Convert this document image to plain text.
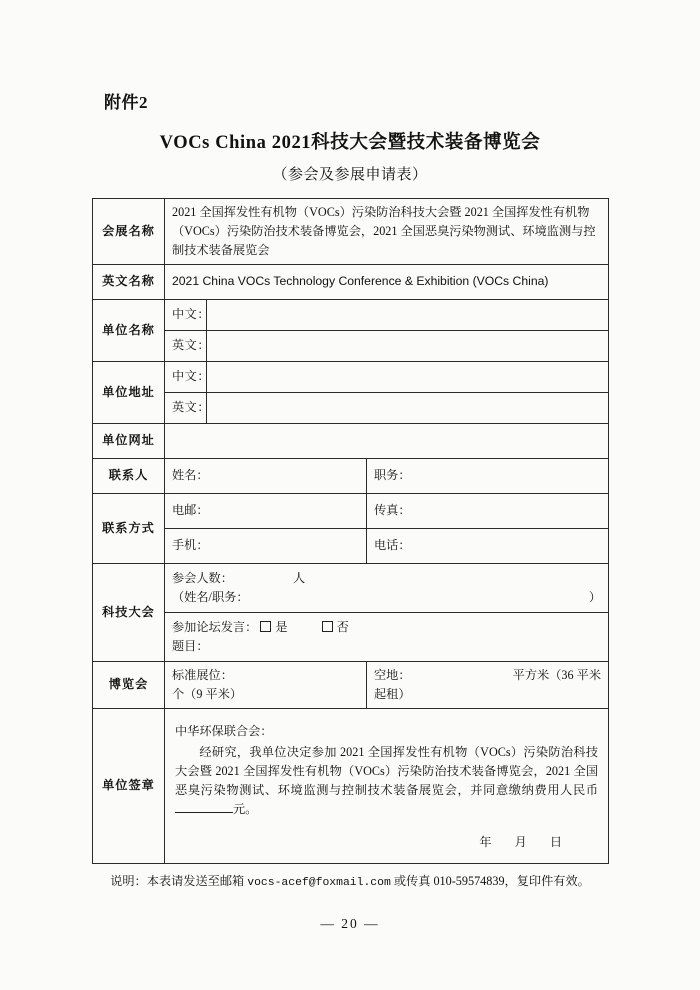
附件2
VOCs China 2021科技大会暨技术装备博览会
（参会及参展申请表）
会展名称	2021 全国挥发性有机物（VOCs）污染防治科技大会暨 2021 全国挥发性有机物（VOCs）污染防治技术装备博览会，2021 全国恶臭污染物测试、环境监测与控制技术装备展览会		
英文名称	2021 China VOCs Technology Conference & Exhibition (VOCs China)		
单位名称	中文：		
	英文：		
单位地址	中文：		
	英文：		
单位网址			
联系人	姓名：		职务：
联系方式	电邮：		传真：
	手机：		电话：
科技大会	参会人数： 人
（姓名/职务： ）		

	参加论坛发言： 是 否
题目：		

博览会	标准展位：  个（9 平米）		空地： 平方米（36 平米起租）
单位签章	中华环保联合会：
经研究，我单位决定参加 2021 全国挥发性有机物（VOCs）污染防治科技大会暨 2021 全国挥发性有机物（VOCs）污染防治技术装备博览会，2021 全国恶臭污染物测试、环境监测与控制技术装备展览会，并同意缴纳费用人民币元。
年 月 日		
说明：本表请发送至邮箱 vocs-acef@foxmail.com 或传真 010-59574839，复印件有效。
— 20 —
